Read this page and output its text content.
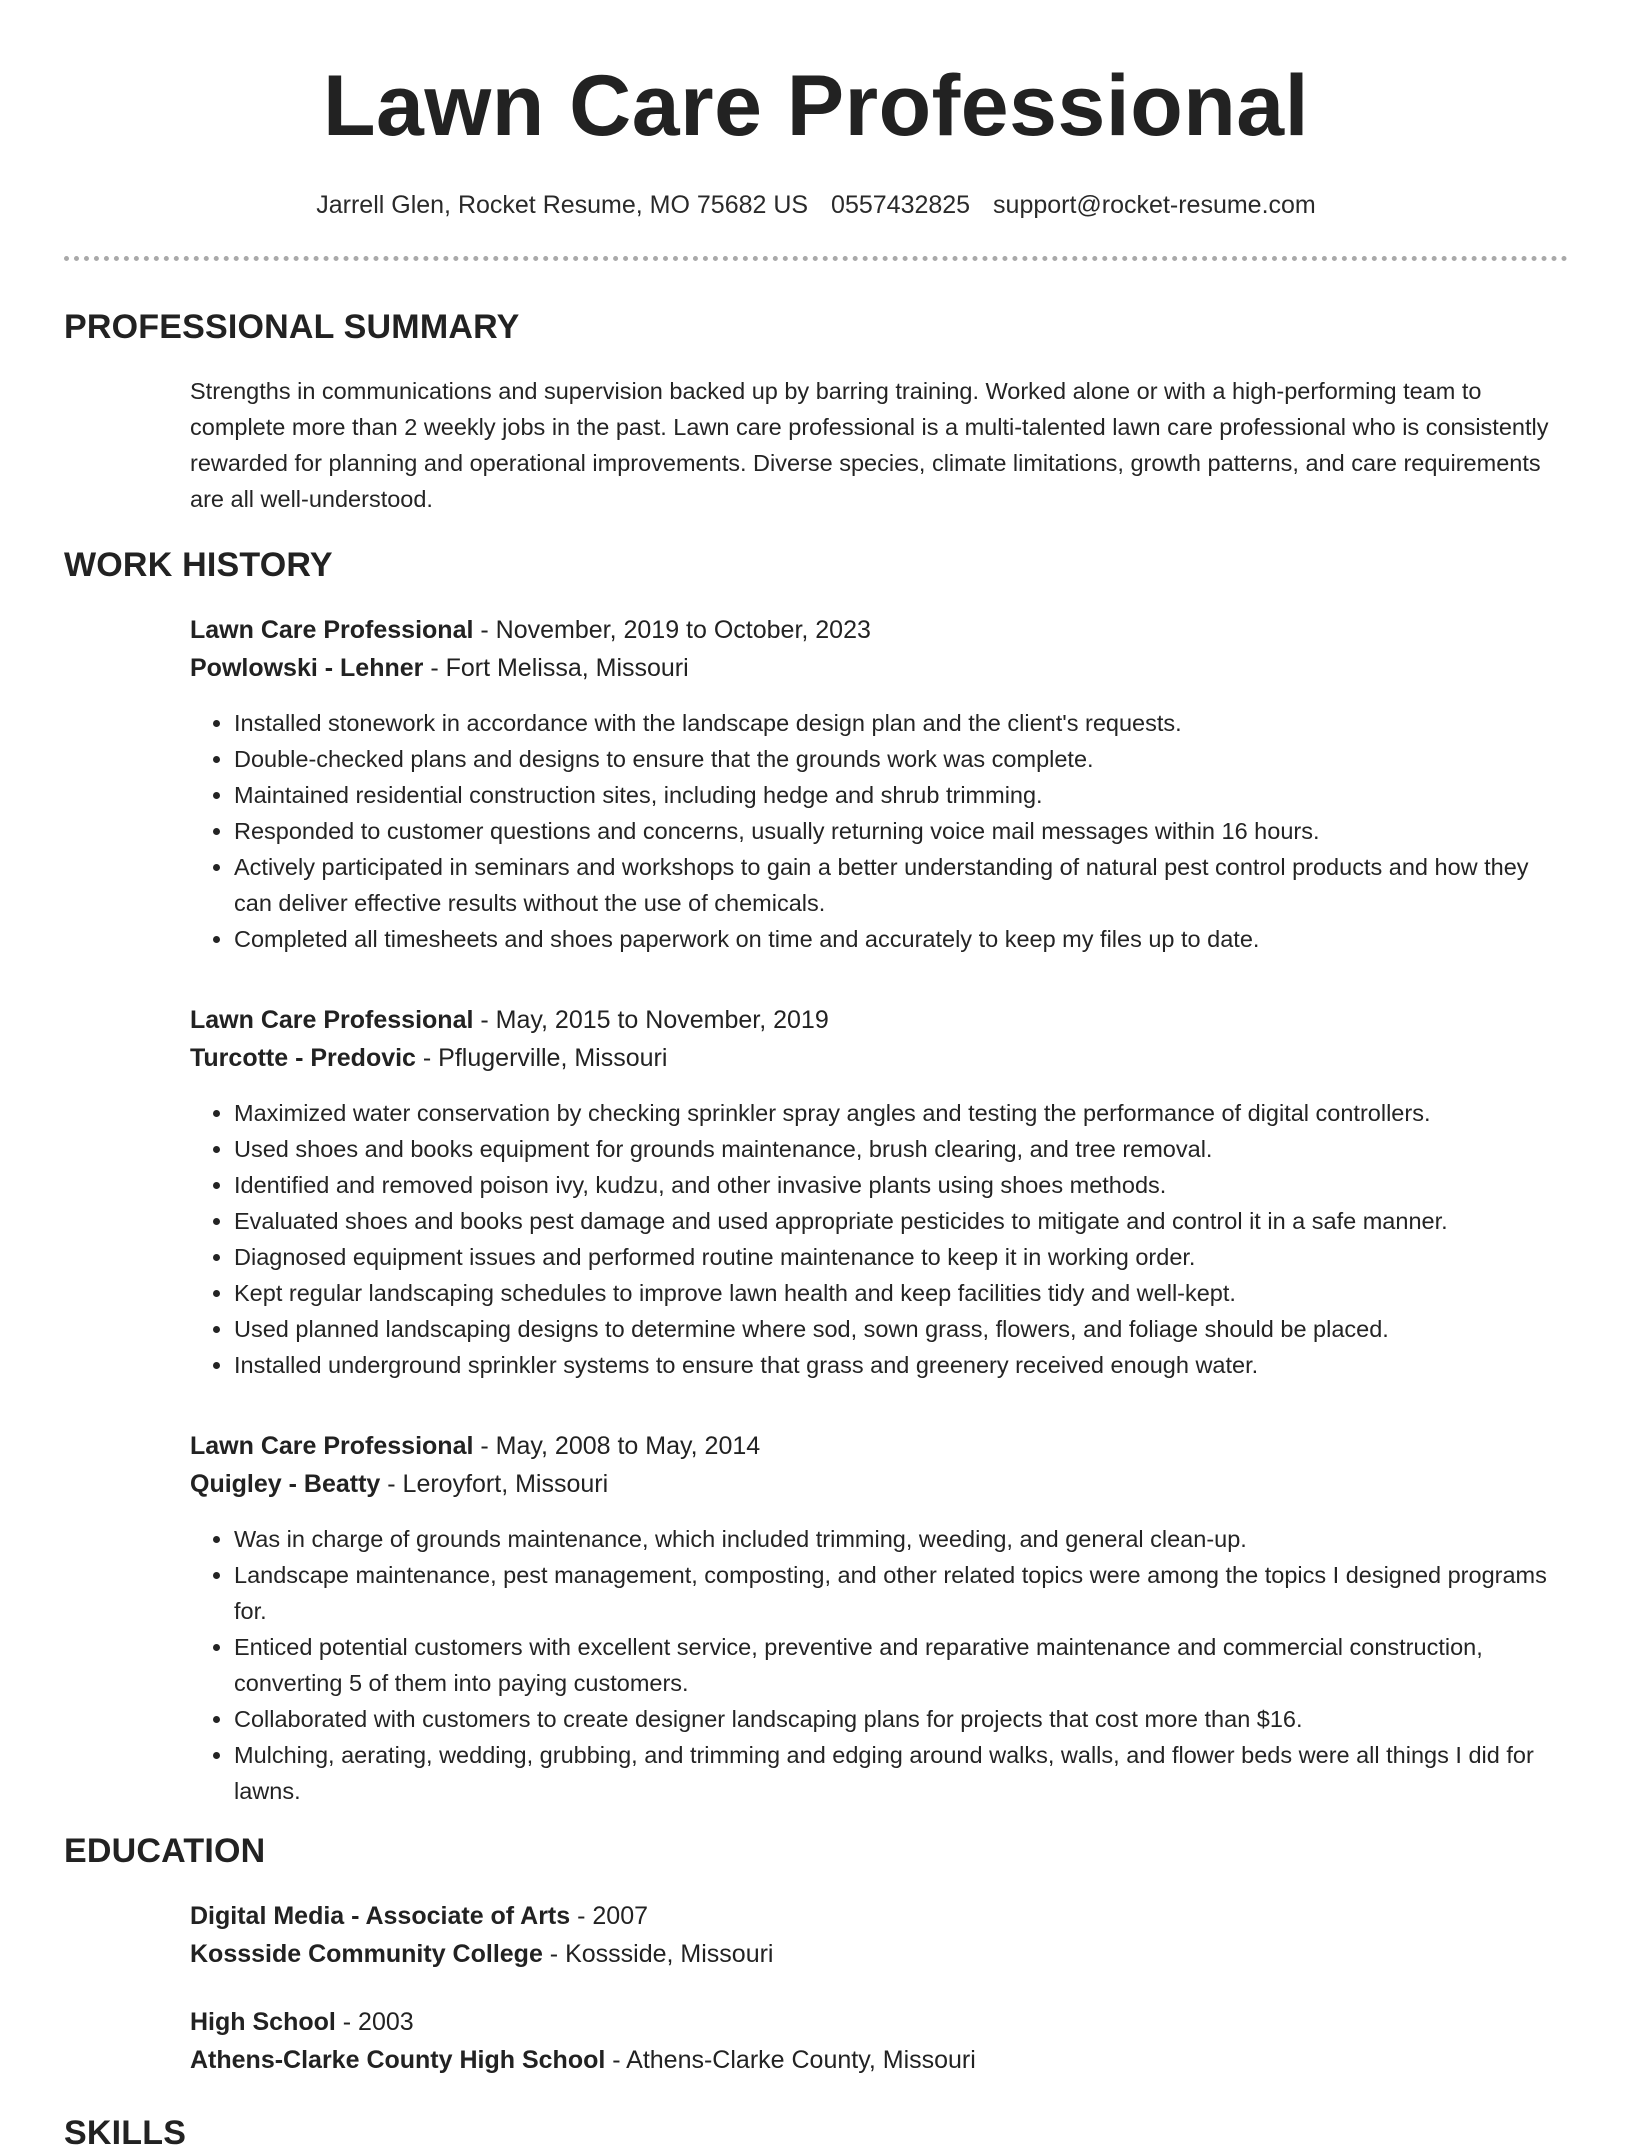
Lawn Care Professional
Jarrell Glen, Rocket Resume, MO 75682 US 0557432825 support@rocket-resume.com
PROFESSIONAL SUMMARY
Strengths in communications and supervision backed up by barring training. Worked alone or with a high-performing team to complete more than 2 weekly jobs in the past. Lawn care professional is a multi-talented lawn care professional who is consistently rewarded for planning and operational improvements. Diverse species, climate limitations, growth patterns, and care requirements are all well-understood.
WORK HISTORY
Lawn Care Professional - November, 2019 to October, 2023
Powlowski - Lehner - Fort Melissa, Missouri
• Installed stonework in accordance with the landscape design plan and the client's requests.
• Double-checked plans and designs to ensure that the grounds work was complete.
• Maintained residential construction sites, including hedge and shrub trimming.
• Responded to customer questions and concerns, usually returning voice mail messages within 16 hours.
• Actively participated in seminars and workshops to gain a better understanding of natural pest control products and how they can deliver effective results without the use of chemicals.
• Completed all timesheets and shoes paperwork on time and accurately to keep my files up to date.
Lawn Care Professional - May, 2015 to November, 2019
Turcotte - Predovic - Pflugerville, Missouri
• Maximized water conservation by checking sprinkler spray angles and testing the performance of digital controllers.
• Used shoes and books equipment for grounds maintenance, brush clearing, and tree removal.
• Identified and removed poison ivy, kudzu, and other invasive plants using shoes methods.
• Evaluated shoes and books pest damage and used appropriate pesticides to mitigate and control it in a safe manner.
• Diagnosed equipment issues and performed routine maintenance to keep it in working order.
• Kept regular landscaping schedules to improve lawn health and keep facilities tidy and well-kept.
• Used planned landscaping designs to determine where sod, sown grass, flowers, and foliage should be placed.
• Installed underground sprinkler systems to ensure that grass and greenery received enough water.
Lawn Care Professional - May, 2008 to May, 2014
Quigley - Beatty - Leroyfort, Missouri
• Was in charge of grounds maintenance, which included trimming, weeding, and general clean-up.
• Landscape maintenance, pest management, composting, and other related topics were among the topics I designed programs for.
• Enticed potential customers with excellent service, preventive and reparative maintenance and commercial construction, converting 5 of them into paying customers.
• Collaborated with customers to create designer landscaping plans for projects that cost more than $16.
• Mulching, aerating, wedding, grubbing, and trimming and edging around walks, walls, and flower beds were all things I did for lawns.
EDUCATION
Digital Media - Associate of Arts - 2007
Kossside Community College - Kossside, Missouri
High School - 2003
Athens-Clarke County High School - Athens-Clarke County, Missouri
SKILLS
